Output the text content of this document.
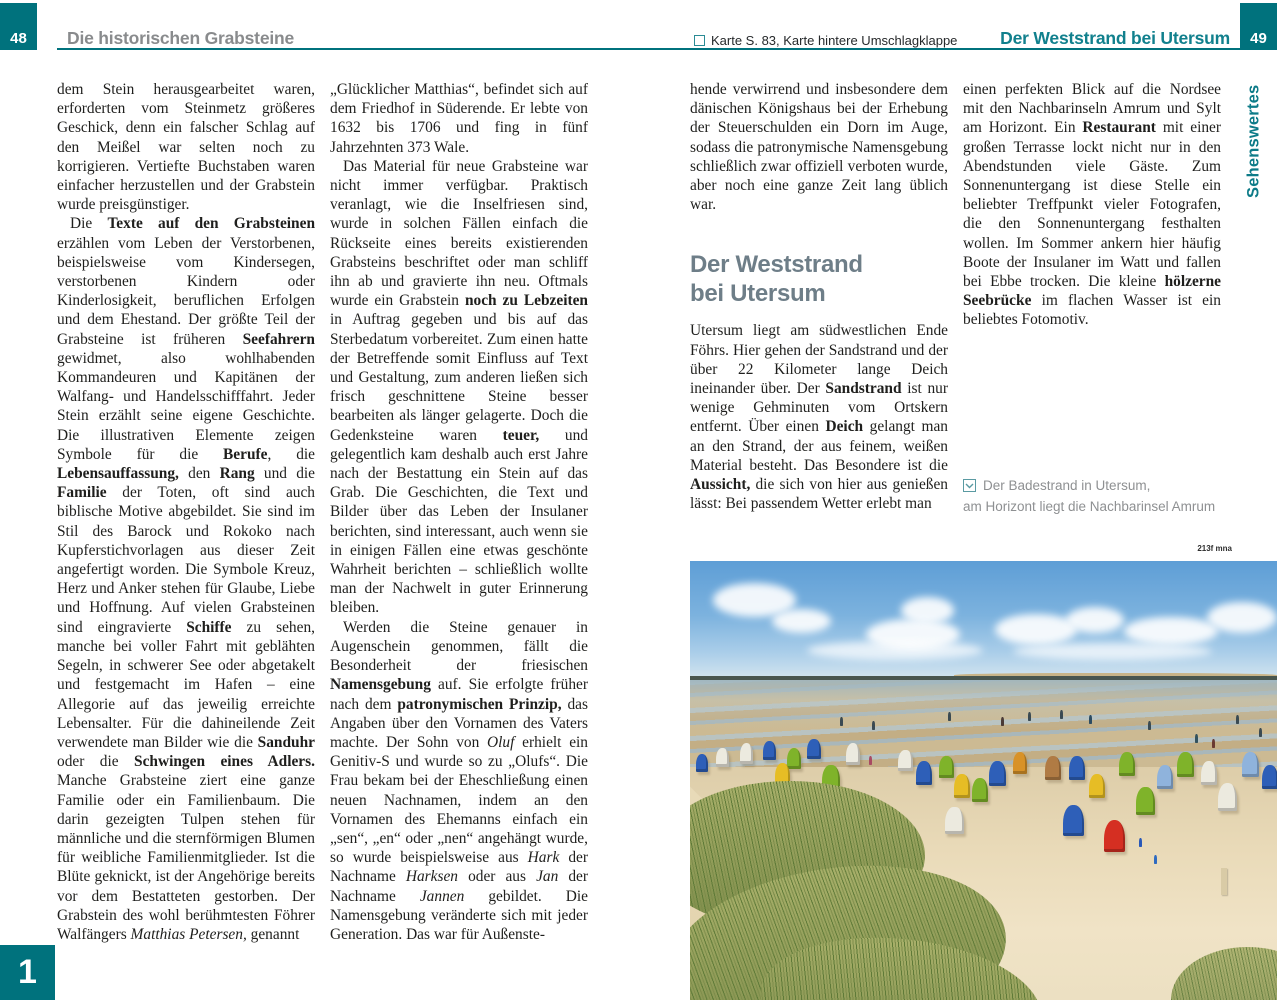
48	Die historischen Grabsteine	Karte S. 83, Karte hintere Umschlagklappe Der Weststrand bei Utersum	49
Sehenswertes
1

dem Stein herausgearbeitet waren, erforderten vom Steinmetz größeres Geschick, denn ein falscher Schlag auf den Meißel war selten noch zu korrigieren. Vertiefte Buchstaben waren einfacher herzustellen und der Grabstein wurde preisgünstiger.

Die Texte auf den Grabsteinen erzählen vom Leben der Verstorbenen, beispielsweise vom Kindersegen, verstorbenen Kindern oder Kinderlosigkeit, beruflichen Erfolgen und dem Ehestand. Der größte Teil der Grabsteine ist früheren Seefahrern gewidmet, also wohlhabenden Kommandeuren und Kapitänen der Walfang- und Handelsschifffahrt. Jeder Stein erzählt seine eigene Geschichte. Die illustrativen Elemente zeigen Symbole für die Berufe, die Lebensauffassung, den Rang und die Familie der Toten, oft sind auch biblische Motive abgebildet. Sie sind im Stil des Barock und Rokoko nach Kupferstichvorlagen aus dieser Zeit angefertigt worden. Die Symbole Kreuz, Herz und Anker stehen für Glaube, Liebe und Hoffnung. Auf vielen Grabsteinen sind eingravierte Schiffe zu sehen, manche bei voller Fahrt mit geblähten Segeln, in schwerer See oder abgetakelt und festgemacht im Hafen – eine Allegorie auf das jeweilig erreichte Lebensalter. Für die dahineilende Zeit verwendete man Bilder wie die Sanduhr oder die Schwingen eines Adlers. Manche Grabsteine ziert eine ganze Familie oder ein Familienbaum. Die darin gezeigten Tulpen stehen für männliche und die sternförmigen Blumen für weibliche Familienmitglieder. Ist die Blüte geknickt, ist der Angehörige bereits vor dem Bestatteten gestorben. Der Grabstein des wohl berühmtesten Föhrer Walfängers Matthias Petersen, genannt

„Glücklicher Matthias“, befindet sich auf dem Friedhof in Süderende. Er lebte von 1632 bis 1706 und fing in fünf Jahrzehnten 373 Wale.

Das Material für neue Grabsteine war nicht immer verfügbar. Praktisch veranlagt, wie die Inselfriesen sind, wurde in solchen Fällen einfach die Rückseite eines bereits existierenden Grabsteins beschriftet oder man schliff ihn ab und gravierte ihn neu. Oftmals wurde ein Grabstein noch zu Lebzeiten in Auftrag gegeben und bis auf das Sterbedatum vorbereitet. Zum einen hatte der Betreffende somit Einfluss auf Text und Gestaltung, zum anderen ließen sich frisch geschnittene Steine besser bearbeiten als länger gelagerte. Doch die Gedenksteine waren teuer, und gelegentlich kam deshalb auch erst Jahre nach der Bestattung ein Stein auf das Grab. Die Geschichten, die Text und Bilder über das Leben der Insulaner berichten, sind interessant, auch wenn sie in einigen Fällen eine etwas geschönte Wahrheit berichten – schließlich wollte man der Nachwelt in guter Erinnerung bleiben.

Werden die Steine genauer in Augenschein genommen, fällt die Besonderheit der friesischen Namensgebung auf. Sie erfolgte früher nach dem patronymischen Prinzip, das Angaben über den Vornamen des Vaters machte. Der Sohn von Oluf erhielt ein Genitiv-S und wurde so zu „Olufs“. Die Frau bekam bei der Eheschließung einen neuen Nachnamen, indem an den Vornamen des Ehemanns einfach ein „sen“, „en“ oder „nen“ angehängt wurde, so wurde beispielsweise aus Hark der Nachname Harksen oder aus Jan der Nachname Jannen gebildet. Die Namensgebung veränderte sich mit jeder Generation. Das war für Außenste-

hende verwirrend und insbesondere dem dänischen Königshaus bei der Erhebung der Steuerschulden ein Dorn im Auge, sodass die patronymische Namensgebung schließlich zwar offiziell verboten wurde, aber noch eine ganze Zeit lang üblich war.

Der Weststrand
bei Utersum

Utersum liegt am südwestlichen Ende Föhrs. Hier gehen der Sandstrand und der über 22 Kilometer lange Deich ineinander über. Der Sandstrand ist nur wenige Gehminuten vom Ortskern entfernt. Über einen Deich gelangt man an den Strand, der aus feinem, weißen Material besteht. Das Besondere ist die Aussicht, die sich von hier aus genießen lässt: Bei passendem Wetter erlebt man

einen perfekten Blick auf die Nordsee mit den Nachbarinseln Amrum und Sylt am Horizont. Ein Restaurant mit einer großen Terrasse lockt nicht nur in den Abendstunden viele Gäste. Zum Sonnenuntergang ist diese Stelle ein beliebter Treffpunkt vieler Fotografen, die den Sonnenuntergang festhalten wollen. Im Sommer ankern hier häufig Boote der Insulaner im Watt und fallen bei Ebbe trocken. Die kleine hölzerne Seebrücke im flachen Wasser ist ein beliebtes Fotomotiv.

Der Badestrand in Utersum,
am Horizont liegt die Nachbarinsel Amrum
213f mna
